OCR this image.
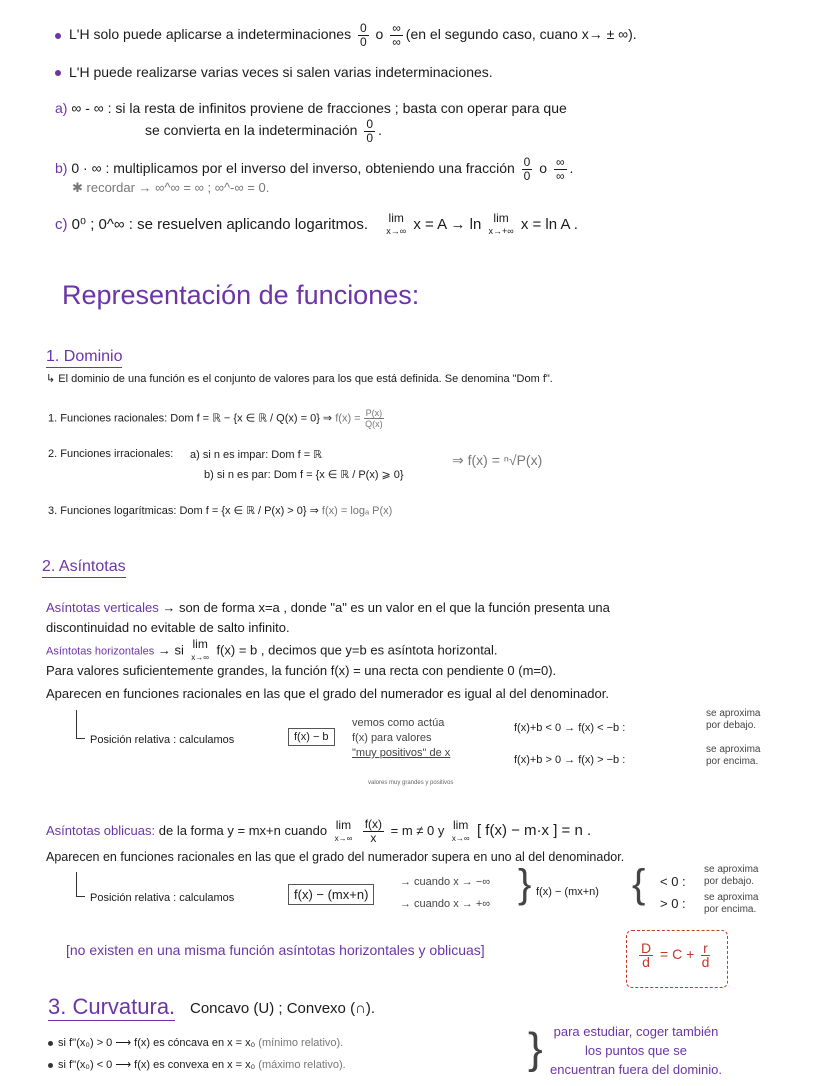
L'H solo puede aplicarse a indeterminaciones $\frac{0}{0}$ o $\frac{\infty}{\infty} (en$ el segundo caso, cuano x→ ± ∞).
L'H puede realizarse varias veces si salen varias indeterminaciones.
a) ∞ - ∞ : si la resta de infinitos proviene de fracciones ; basta con operar para que
se convierta en la indeterminación $\frac{0}{0}$ .
b) 0 · ∞ : multiplicamos por el inverso del inverso, obteniendo una fracción $\frac{0}{0}$ o $\frac{\infty}{\infty}$ .
✱ recordar → ∞^∞ = ∞ ; ∞^-∞ = 0.
c) 0⁰ ; 0^∞ : se resuelven aplicando logaritmos. lim
x→∞ x = A → ln lim
x→+∞ x = ln A .
Representación de funciones:
1. Dominio
↳ El dominio de una función es el conjunto de valores para los que está definida. Se denomina "Dom f".
1. Funciones racionales: Dom f = ℝ − {x ∈ ℝ / Q(x) = 0} ⇒ $f(x) = \frac{P(x)}{Q(x)}$
2. Funciones irracionales: a) si n es impar: Dom f = ℝ
b) si n es par: Dom f = {x ∈ ℝ / P(x) ⩾ 0}
⇒ f(x) = ⁿ√P(x)
3. Funciones logarítmicas: Dom f = {x ∈ ℝ / P(x) > 0} ⇒ f(x) = logₐ P(x)
2. Asíntotas
Asíntotas verticales → son de forma x=a , donde "a" es un valor en el que la función presenta una
discontinuidad no evitable de salto infinito.
Asíntotas horizontales → si lim
x→∞
f(x) = b , decimos que y=b es asíntota horizontal.
Para valores suficientemente grandes, la función f(x) = una recta con pendiente 0 (m=0).
Aparecen en funciones racionales en las que el grado del numerador es igual al del denominador.
Posición relativa : calculamos	f(x) − b
vemos como actúa
f(x) para valores
"muy positivos" de x
valores muy grandes y positivos
f(x)+b < 0 → f(x) < −b :
se aproxima
por debajo.
f(x)+b > 0 → f(x) > −b :
se aproxima
por encima.
Asíntotas oblicuas: de la forma y = mx+n cuando lim
x→∞
$\frac{f(x)}{x} = m \ne 0$ y lim
x→∞ [ f(x) − m·x ] = n .
Aparecen en funciones racionales en las que el grado del numerador supera en uno al del denominador.
Posición relativa : calculamos	f(x) − (mx+n)
→ cuando x → −∞
→ cuando x → +∞ } f(x) − (mx+n) { < 0 :
se aproxima
por debajo.
> 0 : se aproxima
por encima.
[no existen en una misma función asíntotas horizontales y oblicuas]	$\frac{D}{d} = C + \frac{r}{d}$
3. Curvatura. Concavo (U) ; Convexo (∩).
si f''(x₀) > 0 ⟶ f(x) es cóncava en x = x₀ (mínimo relativo).
si f''(x₀) < 0 ⟶ f(x) es convexa en x = x₀ (máximo relativo).	} para estudiar, coger también
los puntos que se
encuentran fuera del dominio.
